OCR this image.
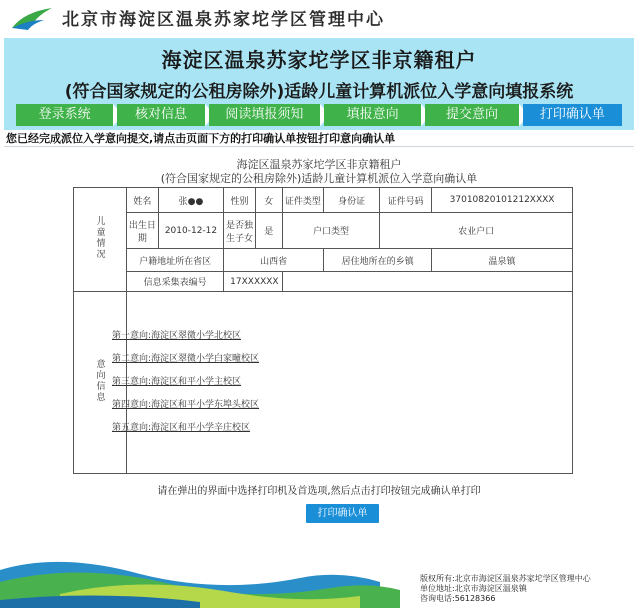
北京市海淀区温泉苏家坨学区管理中心
海淀区温泉苏家坨学区非京籍租户
(符合国家规定的公租房除外)适龄儿童计算机派位入学意向填报系统
登录系统	核对信息	阅读填报须知	填报意向	提交意向	打印确认单
您已经完成派位入学意向提交,请点击页面下方的打印确认单按钮打印意向确认单
海淀区温泉苏家坨学区非京籍租户
(符合国家规定的公租房除外)适龄儿童计算机派位入学意向确认单
儿童情况	姓名	张●●	性别	女	证件类型	身份证	证件号码	37010820101212XXXX
	出生日期	2010-12-12	是否独生子女	是	户口类型		农业户口	
	户籍地址所在省区		山西省			居住地所在的乡镇		温泉镇
	信息采集表编号		17XXXXXX					
意向信息								
第一意向:海淀区翠微小学北校区
第二意向:海淀区翠微小学白家疃校区
第三意向:海淀区和平小学主校区
第四意向:海淀区和平小学东埠头校区
第五意向:海淀区和平小学辛庄校区
请在弹出的界面中选择打印机及首选项,然后点击打印按钮完成确认单打印
打印确认单
版权所有:北京市海淀区温泉苏家坨学区管理中心
单位地址:北京市海淀区温泉镇
咨询电话:56128366
